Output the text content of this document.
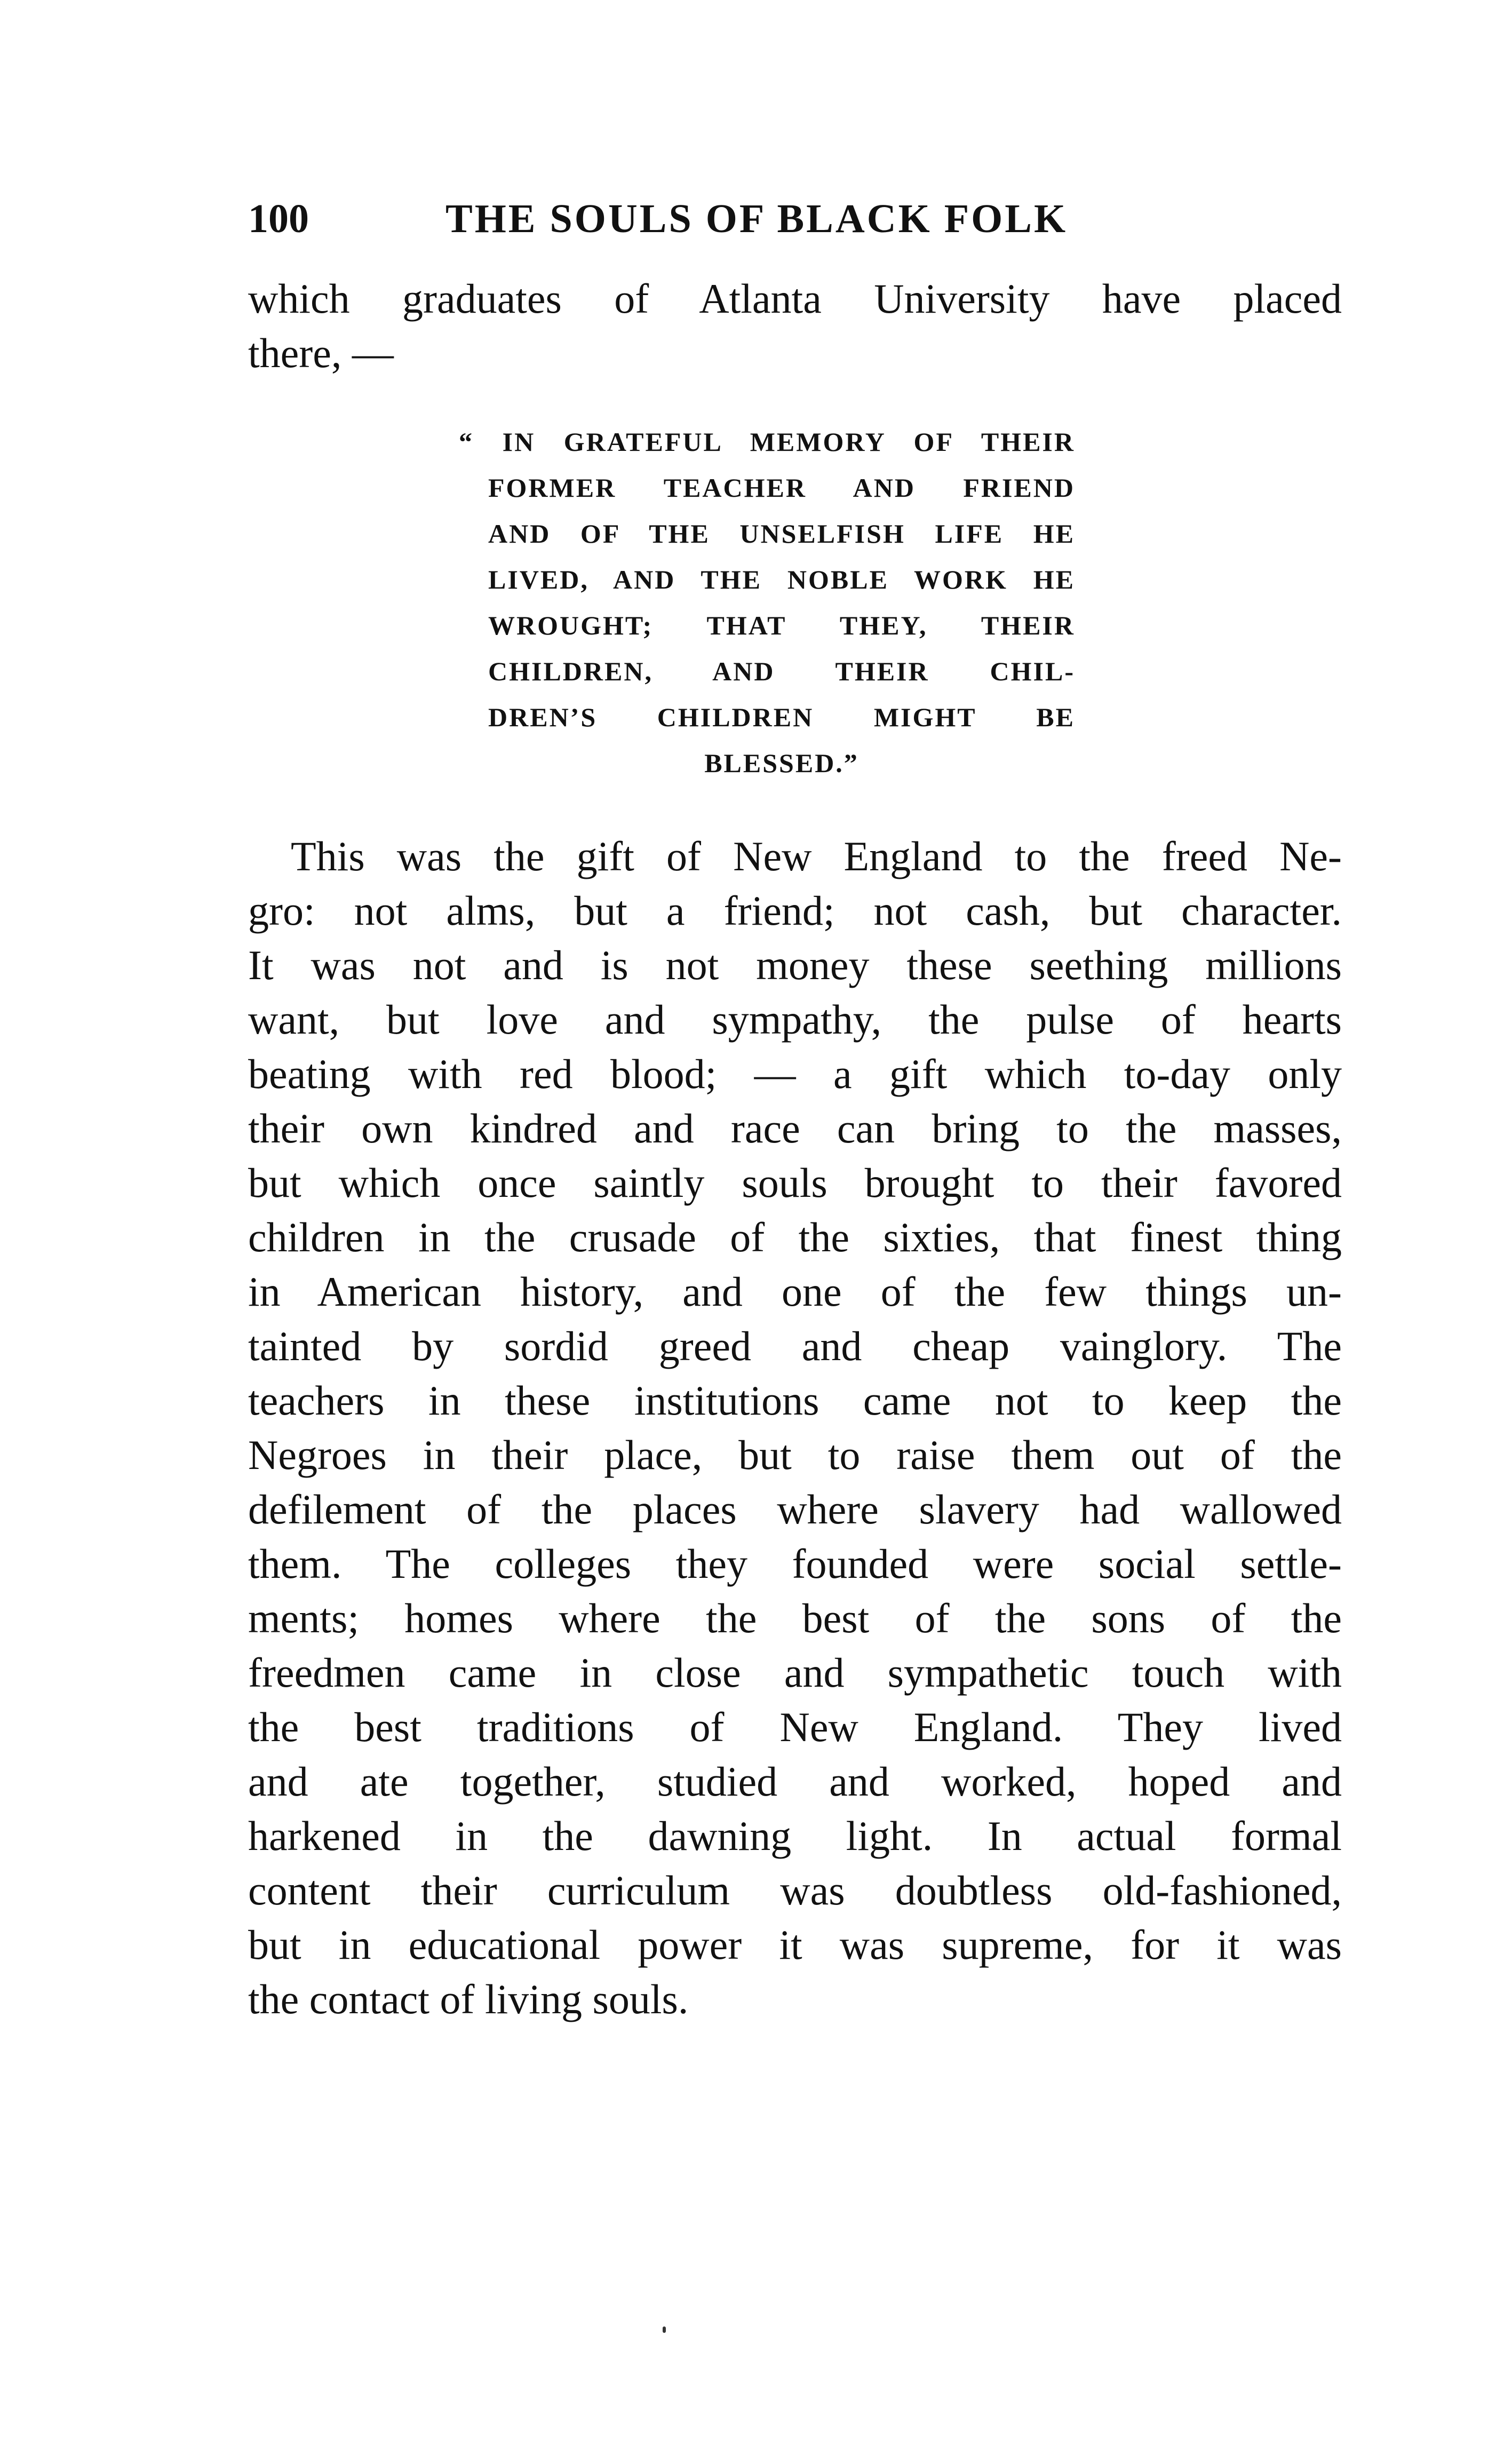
100	THE SOULS OF BLACK FOLK
which graduates of Atlanta University have placed
there, —
“ IN GRATEFUL MEMORY OF THEIR
FORMER TEACHER AND FRIEND
AND OF THE UNSELFISH LIFE HE
LIVED, AND THE NOBLE WORK HE
WROUGHT; THAT THEY, THEIR
CHILDREN, AND THEIR CHIL-
DREN’S CHILDREN MIGHT BE
BLESSED.”
This was the gift of New England to the freed Ne-
gro: not alms, but a friend; not cash, but character.
It was not and is not money these seething millions
want, but love and sympathy, the pulse of hearts
beating with red blood; — a gift which to-day only
their own kindred and race can bring to the masses,
but which once saintly souls brought to their favored
children in the crusade of the sixties, that finest thing
in American history, and one of the few things un-
tainted by sordid greed and cheap vainglory. The
teachers in these institutions came not to keep the
Negroes in their place, but to raise them out of the
defilement of the places where slavery had wallowed
them. The colleges they founded were social settle-
ments; homes where the best of the sons of the
freedmen came in close and sympathetic touch with
the best traditions of New England. They lived
and ate together, studied and worked, hoped and
harkened in the dawning light. In actual formal
content their curriculum was doubtless old-fashioned,
but in educational power it was supreme, for it was
the contact of living souls.
